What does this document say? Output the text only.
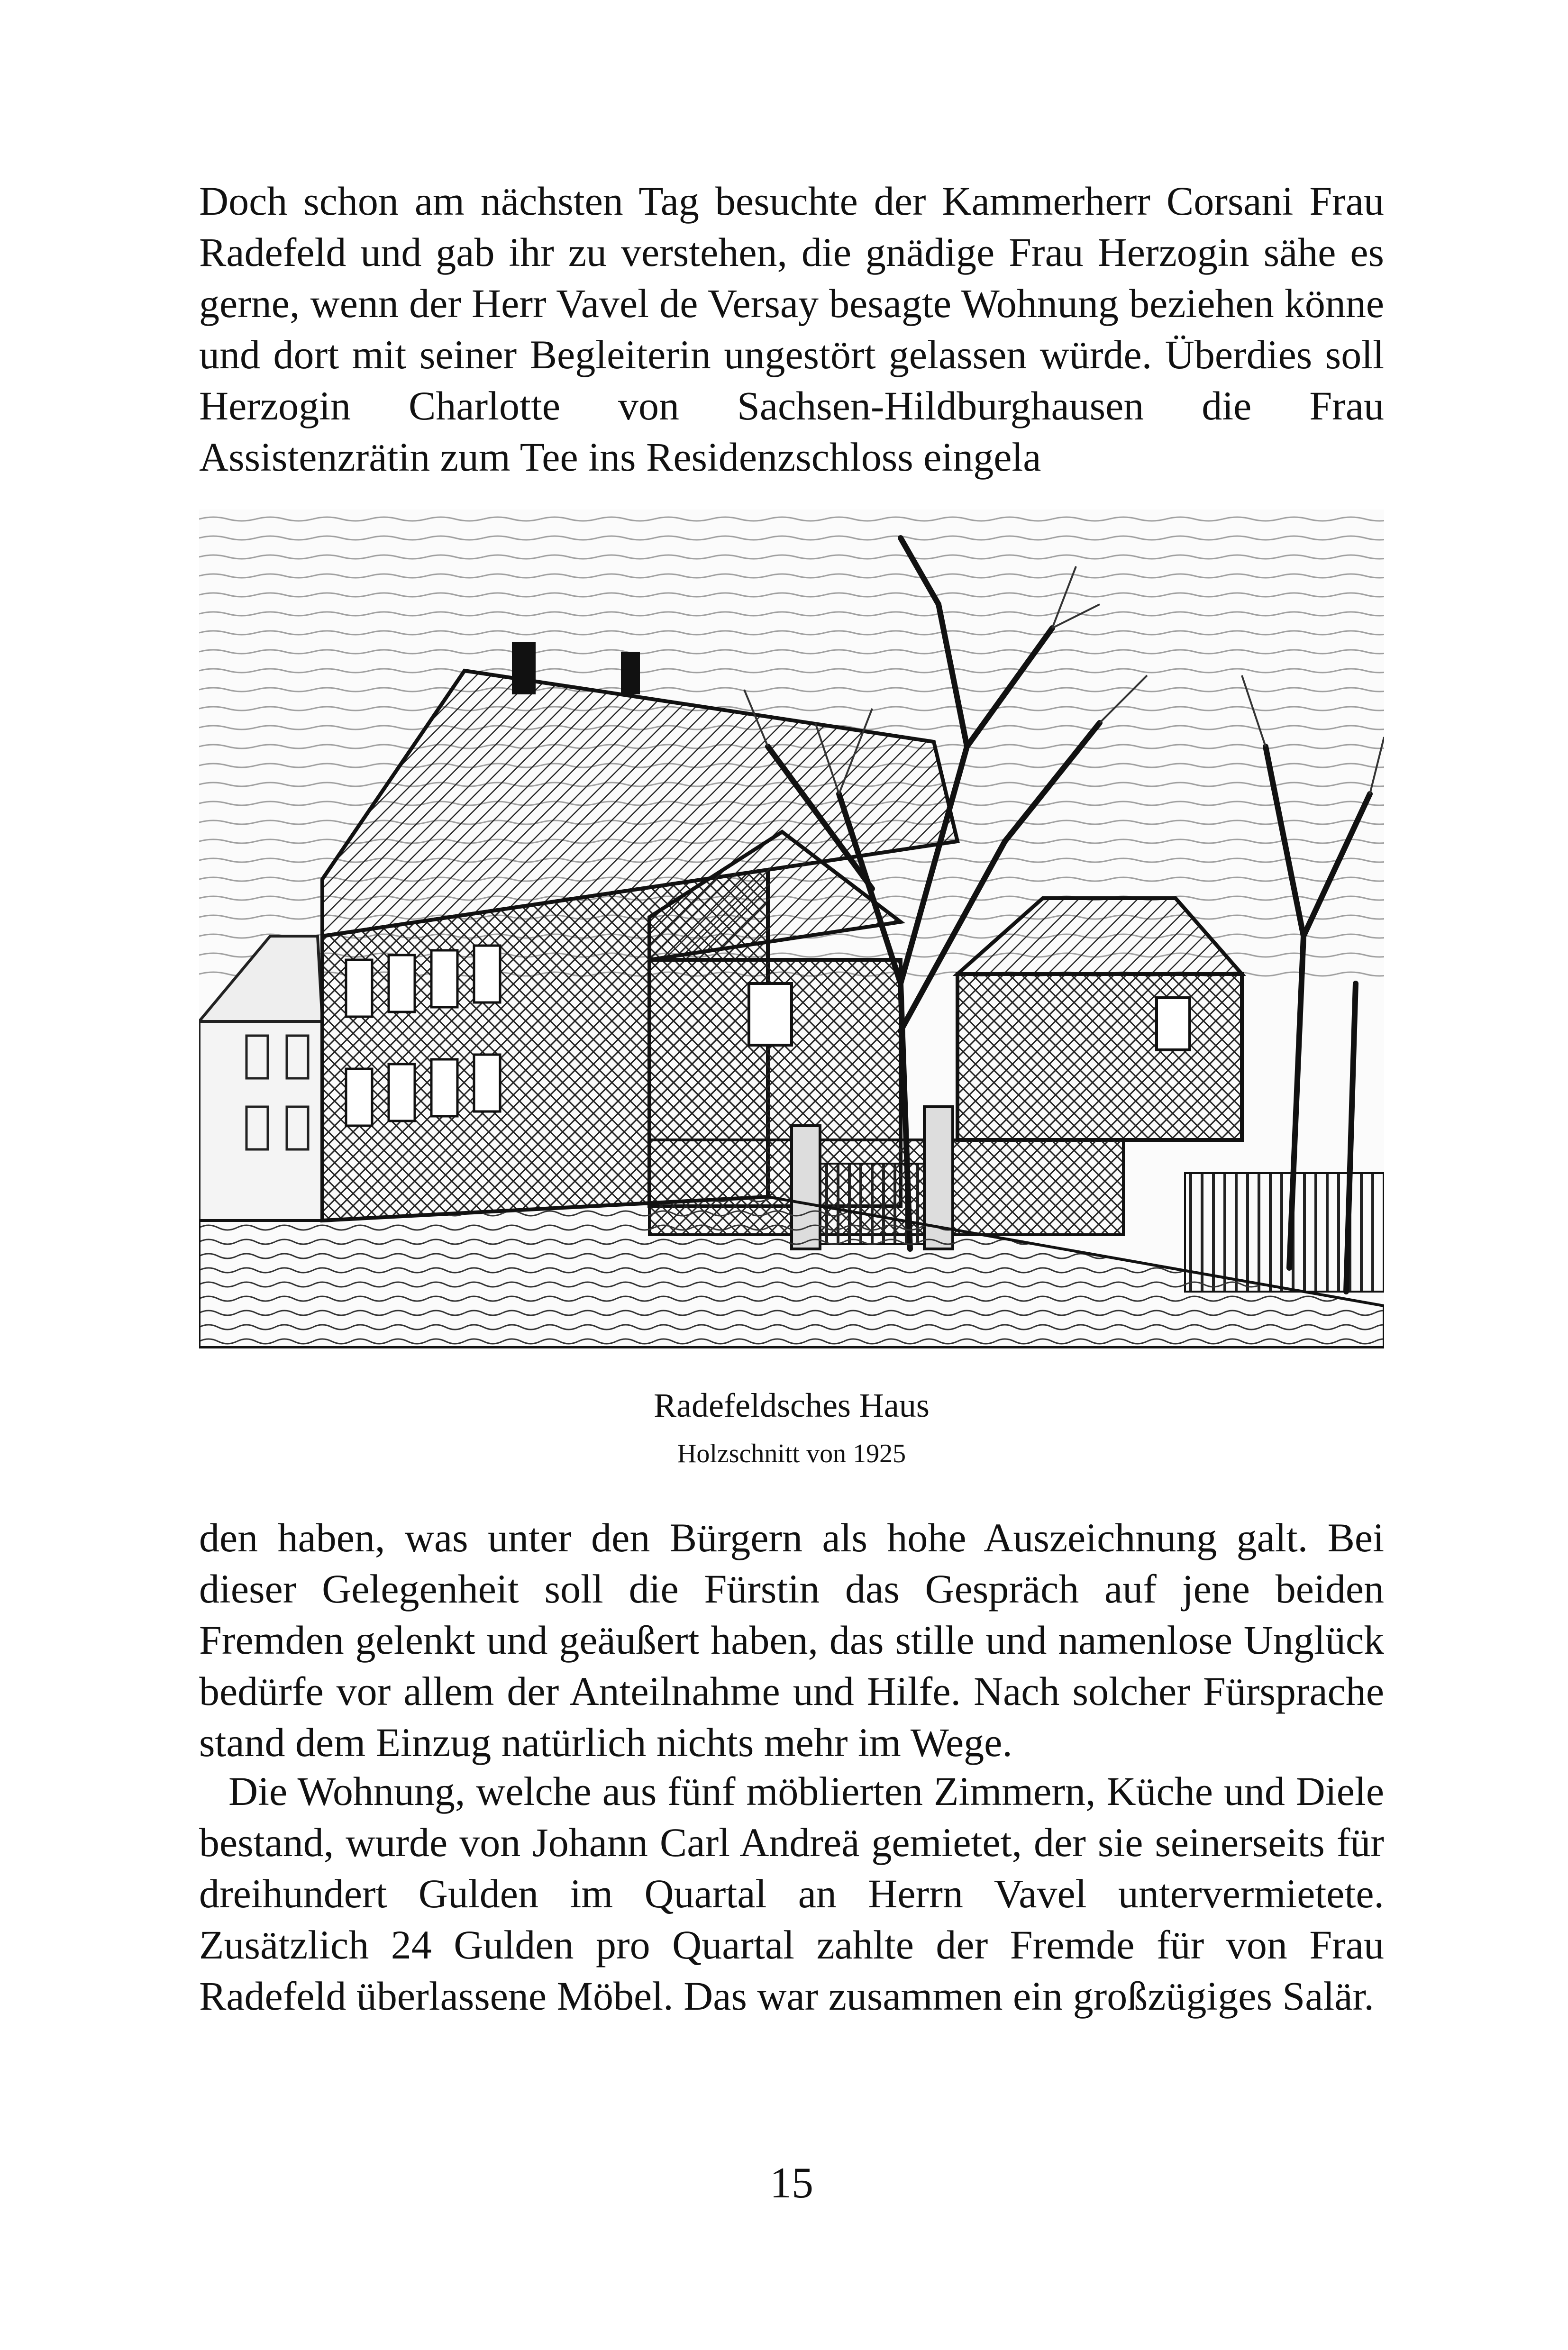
Doch schon am nächsten Tag besuchte der Kammerherr Corsani Frau Radefeld und gab ihr zu verstehen, die gnädige Frau Herzogin sähe es gerne, wenn der Herr Vavel de Versay besagte Wohnung beziehen könne und dort mit seiner Begleiterin ungestört gelassen würde. Überdies soll Herzogin Charlotte von Sachsen-Hildburghausen die Frau Assistenzrätin zum Tee ins Residenzschloss eingela
Radefeldsches Haus
Holzschnitt von 1925
den haben, was unter den Bürgern als hohe Auszeichnung galt. Bei dieser Gelegenheit soll die Fürstin das Gespräch auf jene beiden Fremden gelenkt und geäußert haben, das stille und namenlose Unglück bedürfe vor allem der Anteilnahme und Hilfe. Nach solcher Fürsprache stand dem Einzug natürlich nichts mehr im Wege.
Die Wohnung, welche aus fünf möblierten Zimmern, Küche und Diele bestand, wurde von Johann Carl Andreä gemietet, der sie seinerseits für dreihundert Gulden im Quartal an Herrn Vavel untervermietete. Zusätzlich 24 Gulden pro Quartal zahlte der Fremde für von Frau Radefeld überlassene Möbel. Das war zusammen ein großzügiges Salär.
15
